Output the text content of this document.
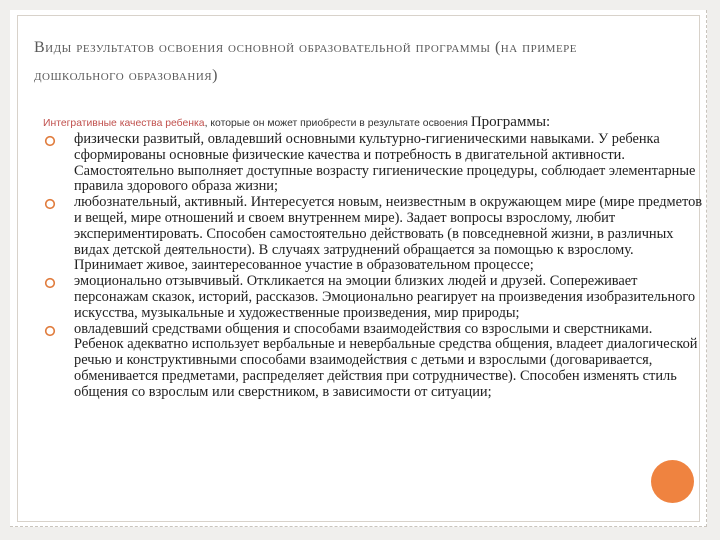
Виды результатов освоения основной образовательной программы (на примере дошкольного образования)
Интегративные качества ребенка, которые он может приобрести в результате освоения Программы:
физически развитый, овладевший основными культурно-гигиеническими навыками. У ребенка сформированы основные физические качества и потребность в двигательной активности. Самостоятельно выполняет доступные возрасту гигиенические процедуры, соблюдает элементарные правила здорового образа жизни;
любознательный, активный. Интересуется новым, неизвестным в окружающем мире (мире предметов и вещей, мире отношений и своем внутреннем мире). Задает вопросы взрослому, любит экспериментировать. Способен самостоятельно действовать (в повседневной жизни, в различных видах детской деятельности). В случаях затруднений обращается за помощью к взрослому. Принимает живое, заинтересованное участие в образовательном процессе;
эмоционально отзывчивый. Откликается на эмоции близких людей и друзей. Сопереживает персонажам сказок, историй, рассказов. Эмоционально реагирует на произведения изобразительного искусства, музыкальные и художественные произведения, мир природы;
овладевший средствами общения и способами взаимодействия со взрослыми и сверстниками. Ребенок адекватно использует вербальные и невербальные средства общения, владеет диалогической речью и конструктивными способами взаимодействия с детьми и взрослыми (договаривается, обменивается предметами, распределяет действия при сотрудничестве). Способен изменять стиль общения со взрослым или сверстником, в зависимости от ситуации;
